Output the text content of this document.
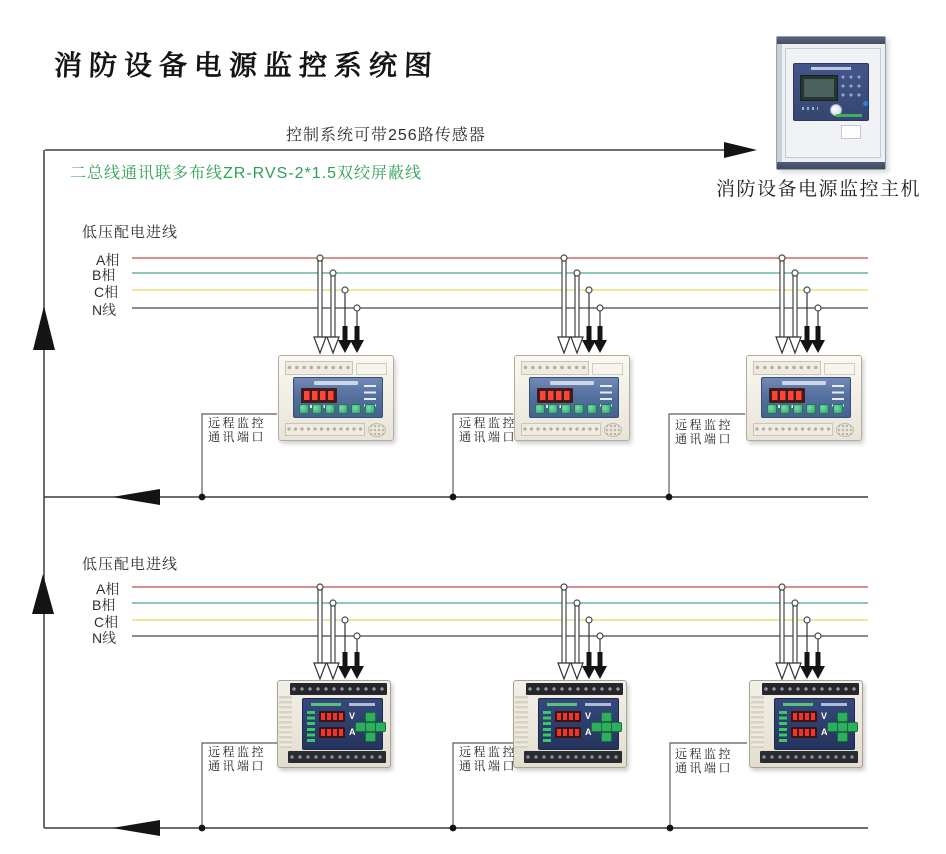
消防设备电源监控系统图
控制系统可带256路传感器
二总线通讯联多布线ZR-RVS-2*1.5双绞屏蔽线
消防设备电源监控主机
低压配电进线
A相
B相
C相
N线
低压配电进线
A相
B相
C相
N线
远程监控
通讯端口
远程监控
通讯端口
远程监控
通讯端口
远程监控
通讯端口
远程监控
通讯端口
远程监控
通讯端口
V
A
V
A
V
A
